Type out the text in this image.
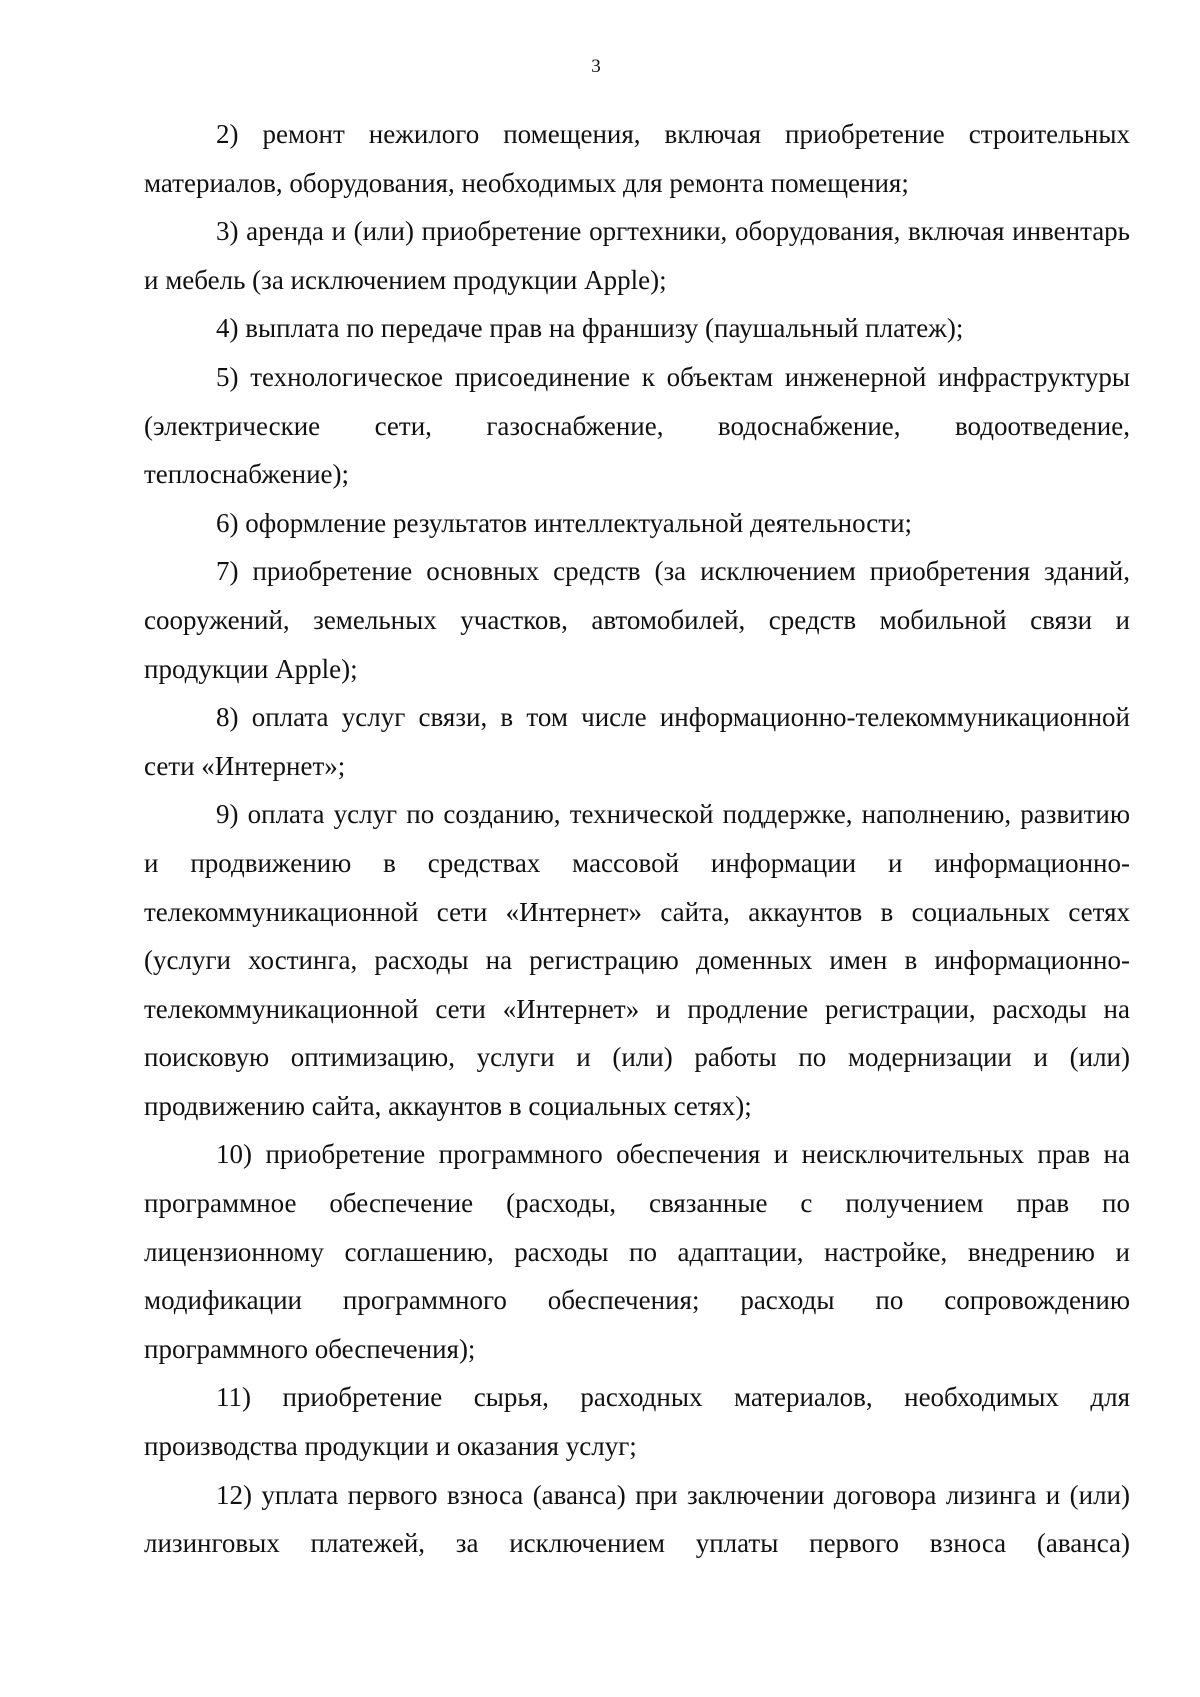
3

2) ремонт нежилого помещения, включая приобретение строительных материалов, оборудования, необходимых для ремонта помещения;

3) аренда и (или) приобретение оргтехники, оборудования, включая инвентарь и мебель (за исключением продукции Apple);

4) выплата по передаче прав на франшизу (паушальный платеж);

5) технологическое присоединение к объектам инженерной инфраструктуры (электрические сети, газоснабжение, водоснабжение, водоотведение, теплоснабжение);

6) оформление результатов интеллектуальной деятельности;

7) приобретение основных средств (за исключением приобретения зданий, сооружений, земельных участков, автомобилей, средств мобильной связи и продукции Apple);

8) оплата услуг связи, в том числе информационно-телекоммуникационной сети «Интернет»;

9) оплата услуг по созданию, технической поддержке, наполнению, развитию и продвижению в средствах массовой информации и информационно-телекоммуникационной сети «Интернет» сайта, аккаунтов в социальных сетях (услуги хостинга, расходы на регистрацию доменных имен в информационно-телекоммуникационной сети «Интернет» и продление регистрации, расходы на поисковую оптимизацию, услуги и (или) работы по модернизации и (или) продвижению сайта, аккаунтов в социальных сетях);

10) приобретение программного обеспечения и неисключительных прав на программное обеспечение (расходы, связанные с получением прав по лицензионному соглашению, расходы по адаптации, настройке, внедрению и модификации программного обеспечения; расходы по сопровождению программного обеспечения);

11) приобретение сырья, расходных материалов, необходимых для производства продукции и оказания услуг;

12) уплата первого взноса (аванса) при заключении договора лизинга и (или) лизинговых платежей, за исключением уплаты первого взноса (аванса)
